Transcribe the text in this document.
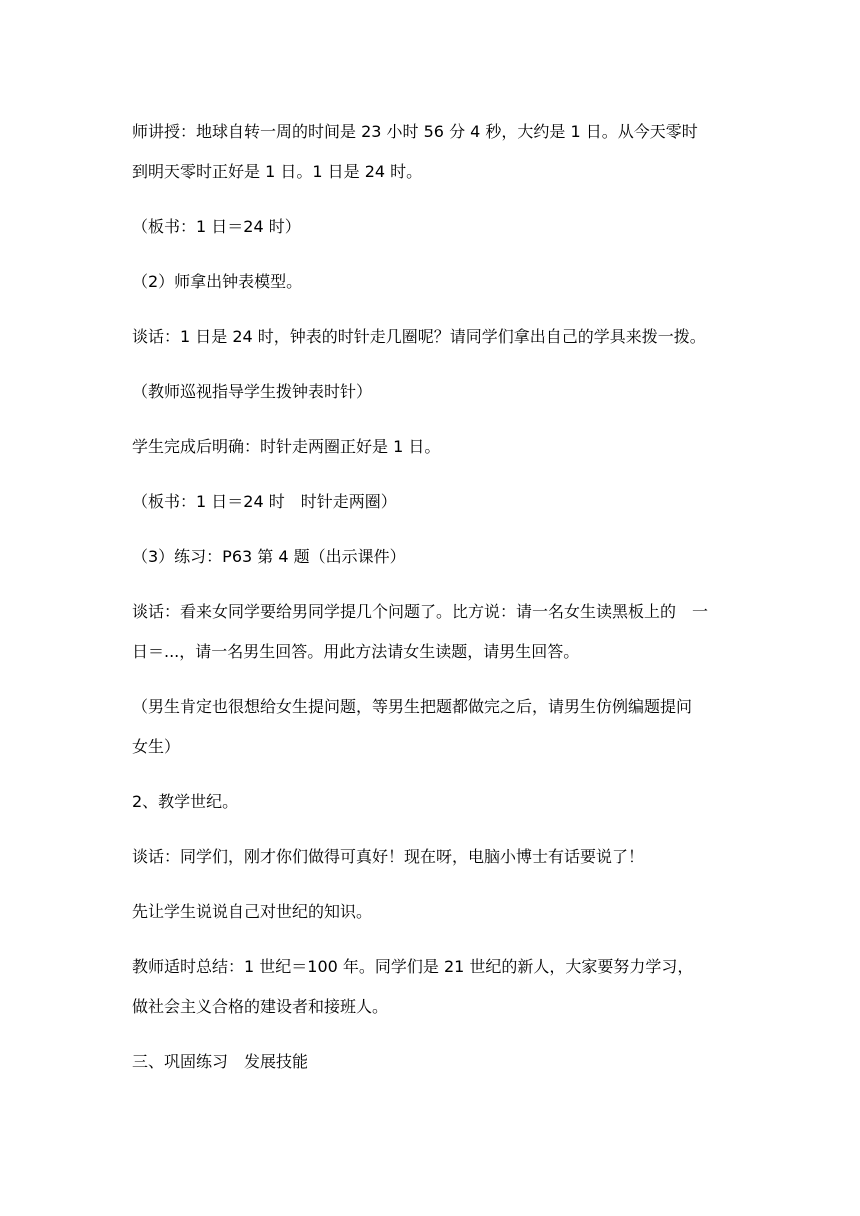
师讲授：地球自转一周的时间是 23 小时 56 分 4 秒，大约是 1 日。从今天零时
到明天零时正好是 1 日。1 日是 24 时。
（板书：1 日＝24 时）
（2）师拿出钟表模型。
谈话：1 日是 24 时，钟表的时针走几圈呢？请同学们拿出自己的学具来拨一拨。
（教师巡视指导学生拨钟表时针）
学生完成后明确：时针走两圈正好是 1 日。
（板书：1 日＝24 时　时针走两圈）
（3）练习：P63 第 4 题（出示课件）
谈话：看来女同学要给男同学提几个问题了。比方说：请一名女生读黑板上的　一
日＝...，请一名男生回答。用此方法请女生读题，请男生回答。
（男生肯定也很想给女生提问题，等男生把题都做完之后，请男生仿例编题提问
女生）
2、教学世纪。
谈话：同学们，刚才你们做得可真好！现在呀，电脑小博士有话要说了！
先让学生说说自己对世纪的知识。
教师适时总结：1 世纪＝100 年。同学们是 21 世纪的新人，大家要努力学习，
做社会主义合格的建设者和接班人。
三、巩固练习　发展技能
